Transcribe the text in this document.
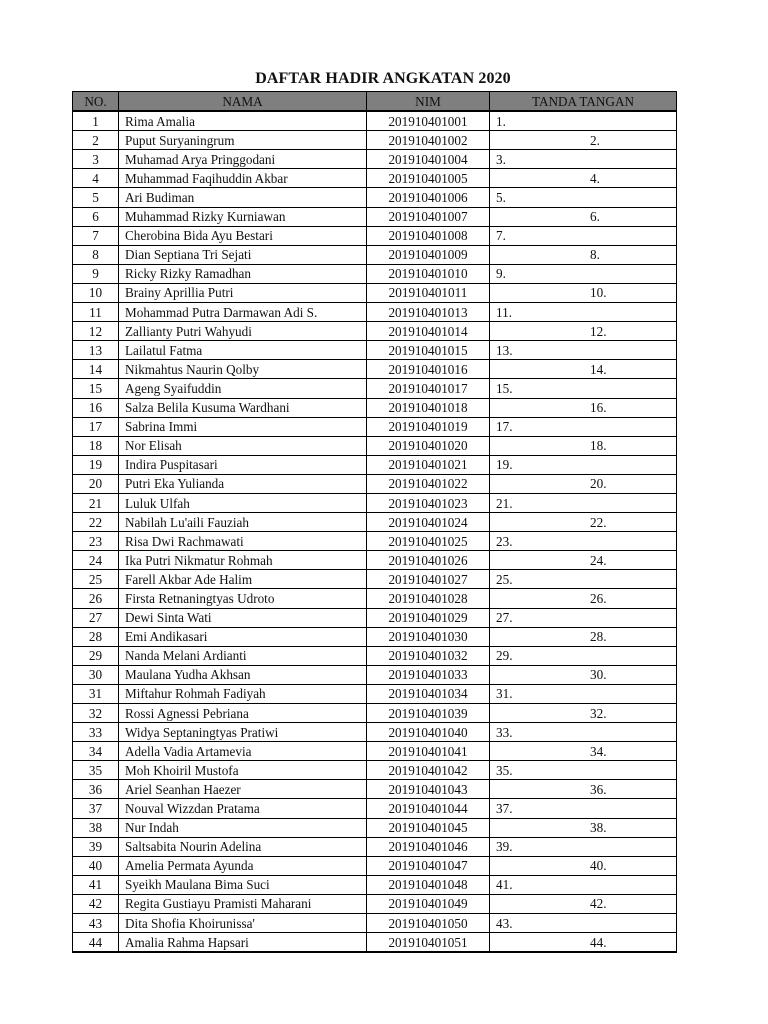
DAFTAR HADIR ANGKATAN 2020
NO.	NAMA	NIM	TANDA TANGAN
1	Rima Amalia	201910401001	1.
2	Puput Suryaningrum	201910401002	2.
3	Muhamad Arya Pringgodani	201910401004	3.
4	Muhammad Faqihuddin Akbar	201910401005	4.
5	Ari Budiman	201910401006	5.
6	Muhammad Rizky Kurniawan	201910401007	6.
7	Cherobina Bida Ayu Bestari	201910401008	7.
8	Dian Septiana Tri Sejati	201910401009	8.
9	Ricky Rizky Ramadhan	201910401010	9.
10	Brainy Aprillia Putri	201910401011	10.
11	Mohammad Putra Darmawan Adi S.	201910401013	11.
12	Zallianty Putri Wahyudi	201910401014	12.
13	Lailatul Fatma	201910401015	13.
14	Nikmahtus Naurin Qolby	201910401016	14.
15	Ageng Syaifuddin	201910401017	15.
16	Salza Belila Kusuma Wardhani	201910401018	16.
17	Sabrina Immi	201910401019	17.
18	Nor Elisah	201910401020	18.
19	Indira Puspitasari	201910401021	19.
20	Putri Eka Yulianda	201910401022	20.
21	Luluk Ulfah	201910401023	21.
22	Nabilah Lu'aili Fauziah	201910401024	22.
23	Risa Dwi Rachmawati	201910401025	23.
24	Ika Putri Nikmatur Rohmah	201910401026	24.
25	Farell Akbar Ade Halim	201910401027	25.
26	Firsta Retnaningtyas Udroto	201910401028	26.
27	Dewi Sinta Wati	201910401029	27.
28	Emi Andikasari	201910401030	28.
29	Nanda Melani Ardianti	201910401032	29.
30	Maulana Yudha Akhsan	201910401033	30.
31	Miftahur Rohmah Fadiyah	201910401034	31.
32	Rossi Agnessi Pebriana	201910401039	32.
33	Widya Septaningtyas Pratiwi	201910401040	33.
34	Adella Vadia Artamevia	201910401041	34.
35	Moh Khoiril Mustofa	201910401042	35.
36	Ariel Seanhan Haezer	201910401043	36.
37	Nouval Wizzdan Pratama	201910401044	37.
38	Nur Indah	201910401045	38.
39	Saltsabita Nourin Adelina	201910401046	39.
40	Amelia Permata Ayunda	201910401047	40.
41	Syeikh Maulana Bima Suci	201910401048	41.
42	Regita Gustiayu Pramisti Maharani	201910401049	42.
43	Dita Shofia Khoirunissa'	201910401050	43.
44	Amalia Rahma Hapsari	201910401051	44.
